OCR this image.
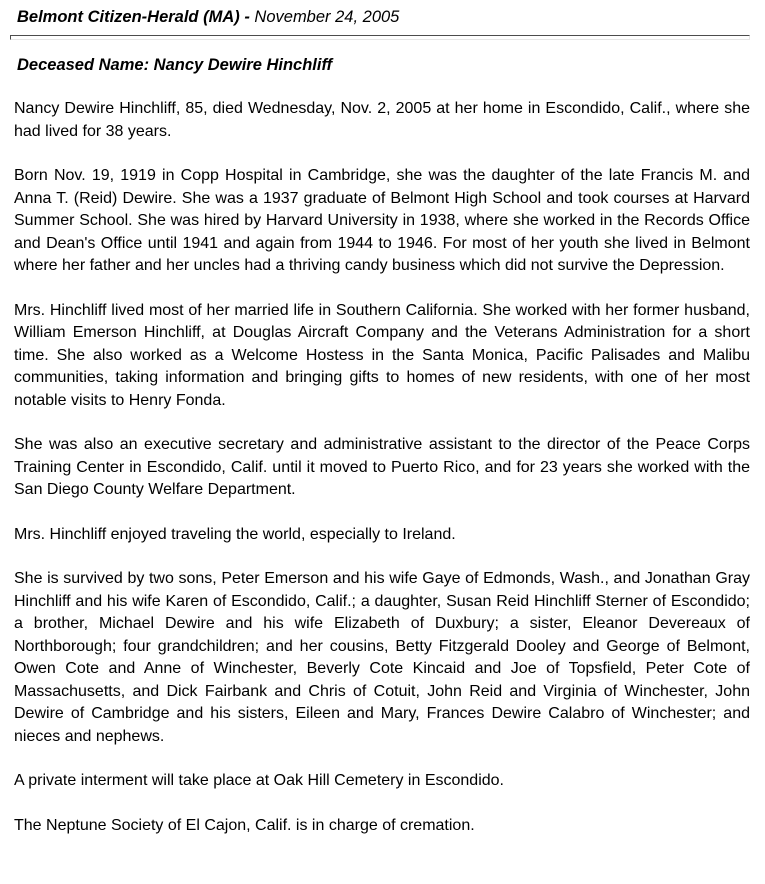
Belmont Citizen-Herald (MA) - November 24, 2005
Deceased Name: Nancy Dewire Hinchliff

Nancy Dewire Hinchliff, 85, died Wednesday, Nov. 2, 2005 at her home in Escondido, Calif., where she had lived for 38 years.

Born Nov. 19, 1919 in Copp Hospital in Cambridge, she was the daughter of the late Francis M. and Anna T. (Reid) Dewire. She was a 1937 graduate of Belmont High School and took courses at Harvard Summer School. She was hired by Harvard University in 1938, where she worked in the Records Office and Dean's Office until 1941 and again from 1944 to 1946. For most of her youth she lived in Belmont where her father and her uncles had a thriving candy business which did not survive the Depression.

Mrs. Hinchliff lived most of her married life in Southern California. She worked with her former husband, William Emerson Hinchliff, at Douglas Aircraft Company and the Veterans Administration for a short time. She also worked as a Welcome Hostess in the Santa Monica, Pacific Palisades and Malibu communities, taking information and bringing gifts to homes of new residents, with one of her most notable visits to Henry Fonda.

She was also an executive secretary and administrative assistant to the director of the Peace Corps Training Center in Escondido, Calif. until it moved to Puerto Rico, and for 23 years she worked with the San Diego County Welfare Department.

Mrs. Hinchliff enjoyed traveling the world, especially to Ireland.

She is survived by two sons, Peter Emerson and his wife Gaye of Edmonds, Wash., and Jonathan Gray Hinchliff and his wife Karen of Escondido, Calif.; a daughter, Susan Reid Hinchliff Sterner of Escondido; a brother, Michael Dewire and his wife Elizabeth of Duxbury; a sister, Eleanor Devereaux of Northborough; four grandchildren; and her cousins, Betty Fitzgerald Dooley and George of Belmont, Owen Cote and Anne of Winchester, Beverly Cote Kincaid and Joe of Topsfield, Peter Cote of Massachusetts, and Dick Fairbank and Chris of Cotuit, John Reid and Virginia of Winchester, John Dewire of Cambridge and his sisters, Eileen and Mary, Frances Dewire Calabro of Winchester; and nieces and nephews.

A private interment will take place at Oak Hill Cemetery in Escondido.

The Neptune Society of El Cajon, Calif. is in charge of cremation.
